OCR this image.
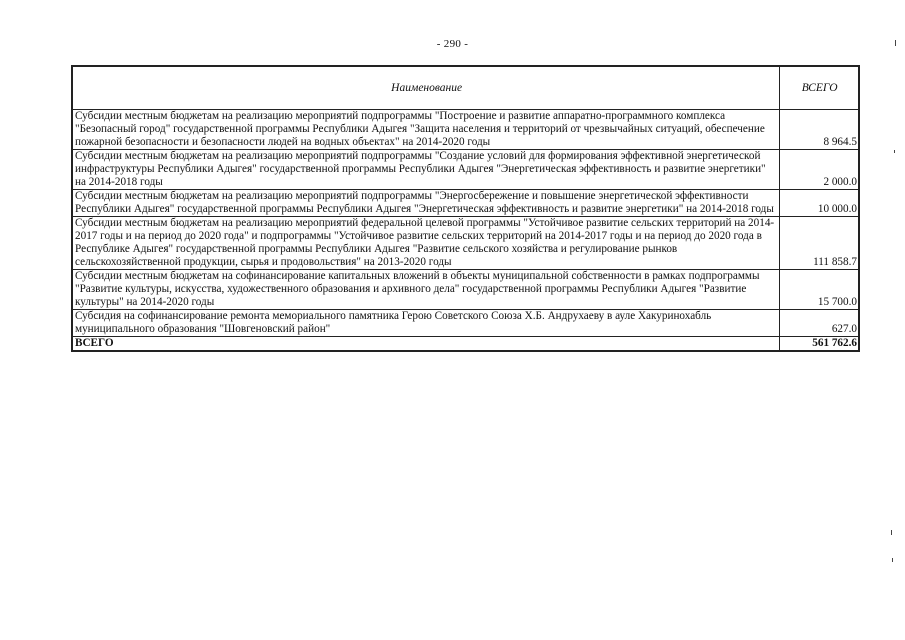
- 290 -
Наименование	ВСЕГО
Субсидии местным бюджетам на реализацию мероприятий подпрограммы "Построение и развитие аппаратно-программного комплекса "Безопасный город" государственной программы Республики Адыгея "Защита населения и территорий от чрезвычайных ситуаций, обеспечение пожарной безопасности и безопасности людей на водных объектах" на 2014-2020 годы	8 964.5
Субсидии местным бюджетам на реализацию мероприятий подпрограммы "Создание условий для формирования эффективной энергетической инфраструктуры Республики Адыгея" государственной программы Республики Адыгея "Энергетическая эффективность и развитие энергетики" на 2014-2018 годы	2 000.0
Субсидии местным бюджетам на реализацию мероприятий подпрограммы "Энергосбережение и повышение энергетической эффективности Республики Адыгея" государственной программы Республики Адыгея "Энергетическая эффективность и развитие энергетики" на 2014-2018 годы	10 000.0
Субсидии местным бюджетам на реализацию мероприятий федеральной целевой программы "Устойчивое развитие сельских территорий на 2014-2017 годы и на период до 2020 года" и подпрограммы "Устойчивое развитие сельских территорий на 2014-2017 годы и на период до 2020 года в Республике Адыгея" государственной программы Республики Адыгея "Развитие сельского хозяйства и регулирование рынков сельскохозяйственной продукции, сырья и продовольствия" на 2013-2020 годы	111 858.7
Субсидии местным бюджетам на софинансирование капитальных вложений в объекты муниципальной собственности в рамках подпрограммы "Развитие культуры, искусства, художественного образования и архивного дела" государственной программы Республики Адыгея "Развитие культуры" на 2014-2020 годы	15 700.0
Субсидия на софинансирование ремонта мемориального памятника Герою Советского Союза Х.Б. Андрухаеву в ауле Хакуринохабль муниципального образования "Шовгеновский район"	627.0
ВСЕГО	561 762.6
